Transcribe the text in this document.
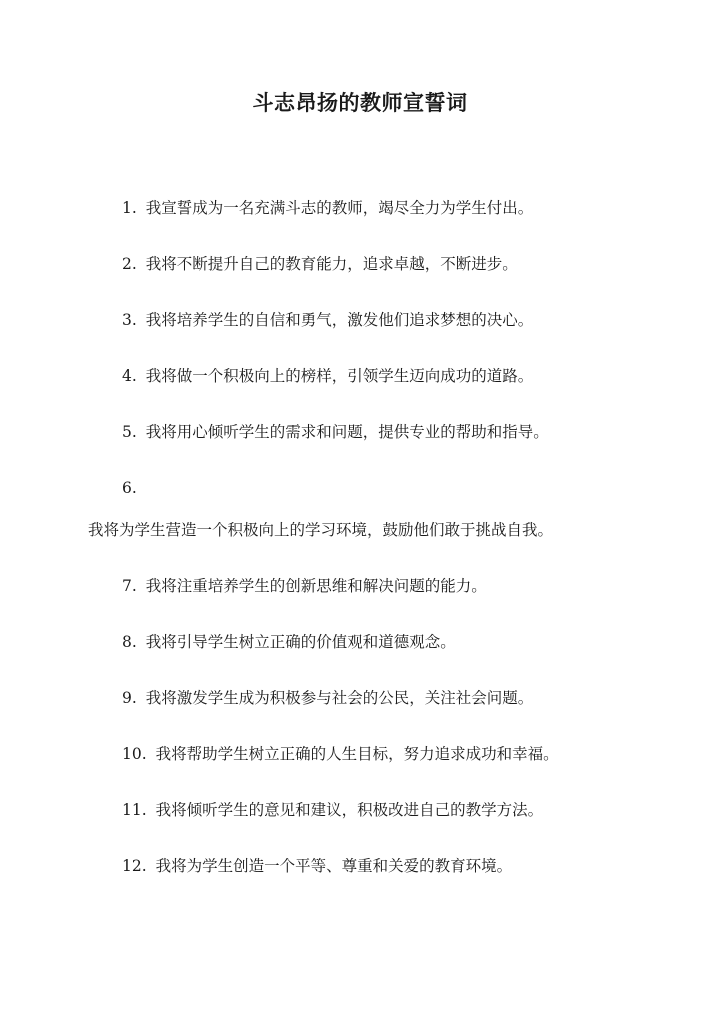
斗志昂扬的教师宣誓词
1. 我宣誓成为一名充满斗志的教师，竭尽全力为学生付出。
2. 我将不断提升自己的教育能力，追求卓越，不断进步。
3. 我将培养学生的自信和勇气，激发他们追求梦想的决心。
4. 我将做一个积极向上的榜样，引领学生迈向成功的道路。
5. 我将用心倾听学生的需求和问题，提供专业的帮助和指导。
6.
我将为学生营造一个积极向上的学习环境，鼓励他们敢于挑战自我。
7. 我将注重培养学生的创新思维和解决问题的能力。
8. 我将引导学生树立正确的价值观和道德观念。
9. 我将激发学生成为积极参与社会的公民，关注社会问题。
10. 我将帮助学生树立正确的人生目标，努力追求成功和幸福。
11. 我将倾听学生的意见和建议，积极改进自己的教学方法。
12. 我将为学生创造一个平等、尊重和关爱的教育环境。
